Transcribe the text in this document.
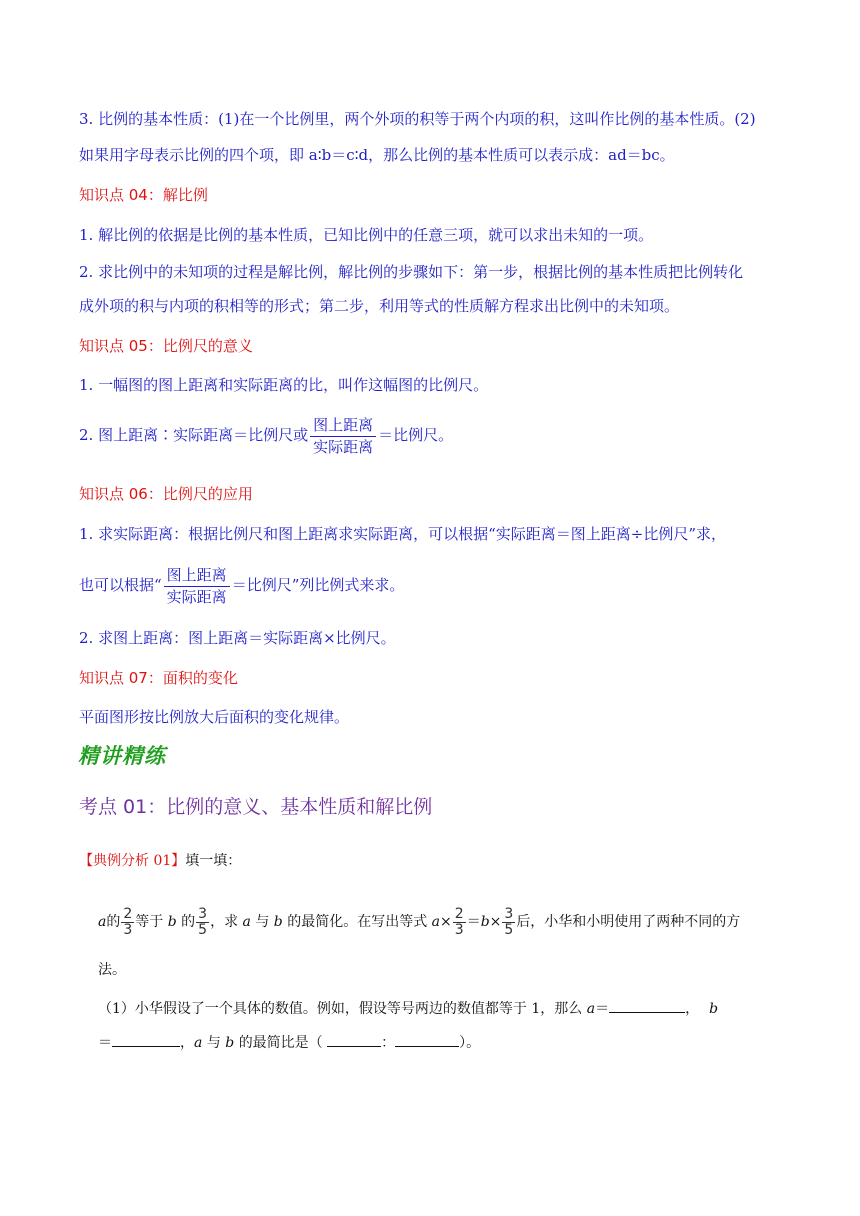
3. 比例的基本性质：(1)在一个比例里，两个外项的积等于两个内项的积，这叫作比例的基本性质。(2)
如果用字母表示比例的四个项，即 a∶b＝c∶d，那么比例的基本性质可以表示成：ad＝bc。
知识点 04：解比例
1. 解比例的依据是比例的基本性质，已知比例中的任意三项，就可以求出未知的一项。
2. 求比例中的未知项的过程是解比例，解比例的步骤如下：第一步，根据比例的基本性质把比例转化
成外项的积与内项的积相等的形式；第二步，利用等式的性质解方程求出比例中的未知项。
知识点 05：比例尺的意义
1. 一幅图的图上距离和实际距离的比，叫作这幅图的比例尺。
2. 图上距离∶实际距离＝比例尺或 $\frac{\text{图上距离}}{\text{实际距离}}$ ＝比例尺。
知识点 06：比例尺的应用
1. 求实际距离：根据比例尺和图上距离求实际距离，可以根据“实际距离＝图上距离÷比例尺”求，
也可以根据“ $\frac{\text{图上距离}}{\text{实际距离}}$ ＝比例尺”列比例式来求。
2. 求图上距离：图上距离＝实际距离×比例尺。
知识点 07：面积的变化
平面图形按比例放大后面积的变化规律。
精讲精练
考点 01：比例的意义、基本性质和解比例
【典例分析 01】填一填：
a的 $\frac{2}{3}$ 等于 b 的 $\frac{3}{5}$ ，求 a 与 b 的最简化。在写出等式 $a\times \frac{2}{3} =b\times \frac{3}{5}$ 后，小华和小明使用了两种不同的方
法。
（1）小华假设了一个具体的数值。例如，假设等号两边的数值都等于 1，那么 a＝	， b
＝	，a 与 b 的最简比是（	：	）。
